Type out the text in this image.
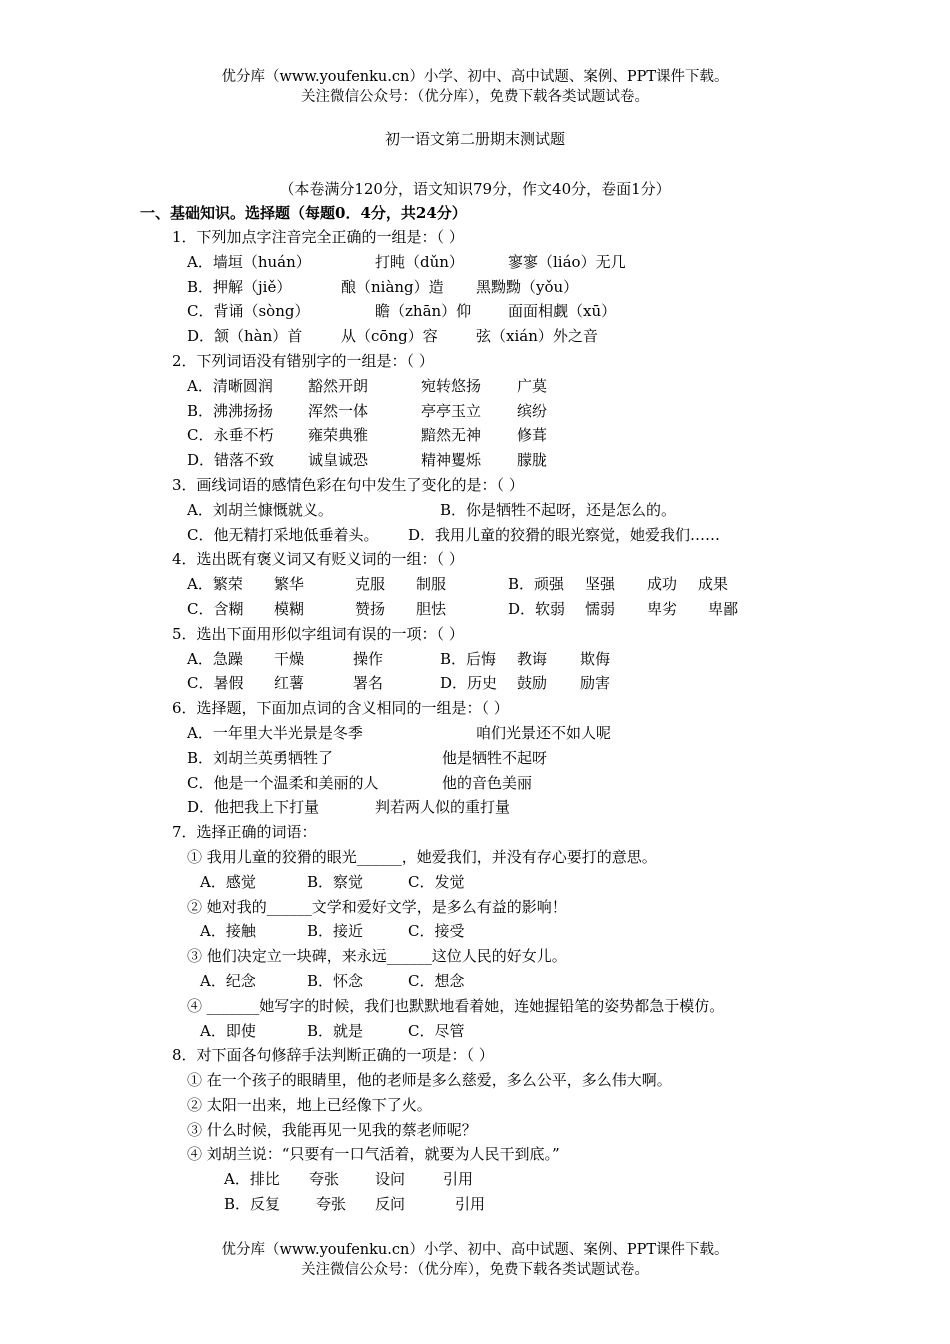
优分库（www.youfenku.cn）小学、初中、高中试题、案例、PPT课件下载。
关注微信公众号：（优分库），免费下载各类试题试卷。
初一语文第二册期末测试题
（本卷满分120分，语文知识79分，作文40分，卷面1分）
一、基础知识。选择题（每题0．4分，共24分）
1．下列加点字注音完全正确的一组是：（ ）
A．墙垣（huán）	打盹（dǔn）	寥寥（liáo）无几
B．押解（jiě）	酿（niàng）造 黑黝黝（yǒu）
C．背诵（sòng）	瞻（zhān）仰 面面相觑（xū）
D．颔（hàn）首	从（cōng）容	弦（xián）外之音
2．下列词语没有错别字的一组是：（ ）
A．清晰圆润 豁然开朗	宛转悠扬 广莫
B．沸沸扬扬 浑然一体	亭亭玉立 缤纷
C．永垂不朽 雍荣典雅	黯然无神 修葺
D．错落不致 诚皇诚恐	精神矍烁 朦胧
3．画线词语的感情色彩在句中发生了变化的是：（ ）
A．刘胡兰慷慨就义。	B．你是牺牲不起呀，还是怎么的。
C．他无精打采地低垂着头。 D．我用儿童的狡猾的眼光察觉，她爱我们……
4．选出既有褒义词又有贬义词的一组：（ ）
A．繁荣 繁华	克服 制服	B．顽强 坚强 成功 成果
C．含糊 模糊	赞扬 胆怯	D．软弱 懦弱 卑劣 卑鄙
5．选出下面用形似字组词有误的一项：（ ）
A．急躁 干燥	操作	B．后悔 教诲 欺侮
C．暑假 红薯	署名	D．历史 鼓励 励害
6．选择题，下面加点词的含义相同的一组是：（ ）
A．一年里大半光景是冬季	咱们光景还不如人呢
B．刘胡兰英勇牺牲了	他是牺牲不起呀
C．他是一个温柔和美丽的人	他的音色美丽
D．他把我上下打量	判若两人似的重打量
7．选择正确的词语：
① 我用儿童的狡猾的眼光______，她爱我们，并没有存心要打的意思。
A．感觉	B．察觉	C．发觉
② 她对我的______文学和爱好文学，是多么有益的影响！
A．接触	B．接近	C．接受
③ 他们决定立一块碑，来永远______这位人民的好女儿。
A．纪念	B．怀念	C．想念
④ _______她写字的时候，我们也默默地看着她，连她握铅笔的姿势都急于模仿。
A．即使	B．就是	C．尽管
8．对下面各句修辞手法判断正确的一项是：（ ）
① 在一个孩子的眼睛里，他的老师是多么慈爱，多么公平，多么伟大啊。
② 太阳一出来，地上已经像下了火。
③ 什么时候，我能再见一见我的蔡老师呢？
④ 刘胡兰说：“只要有一口气活着，就要为人民干到底。”
A．排比 夸张 设问	引用
B．反复 夸张 反问	引用
优分库（www.youfenku.cn）小学、初中、高中试题、案例、PPT课件下载。
关注微信公众号：（优分库），免费下载各类试题试卷。
